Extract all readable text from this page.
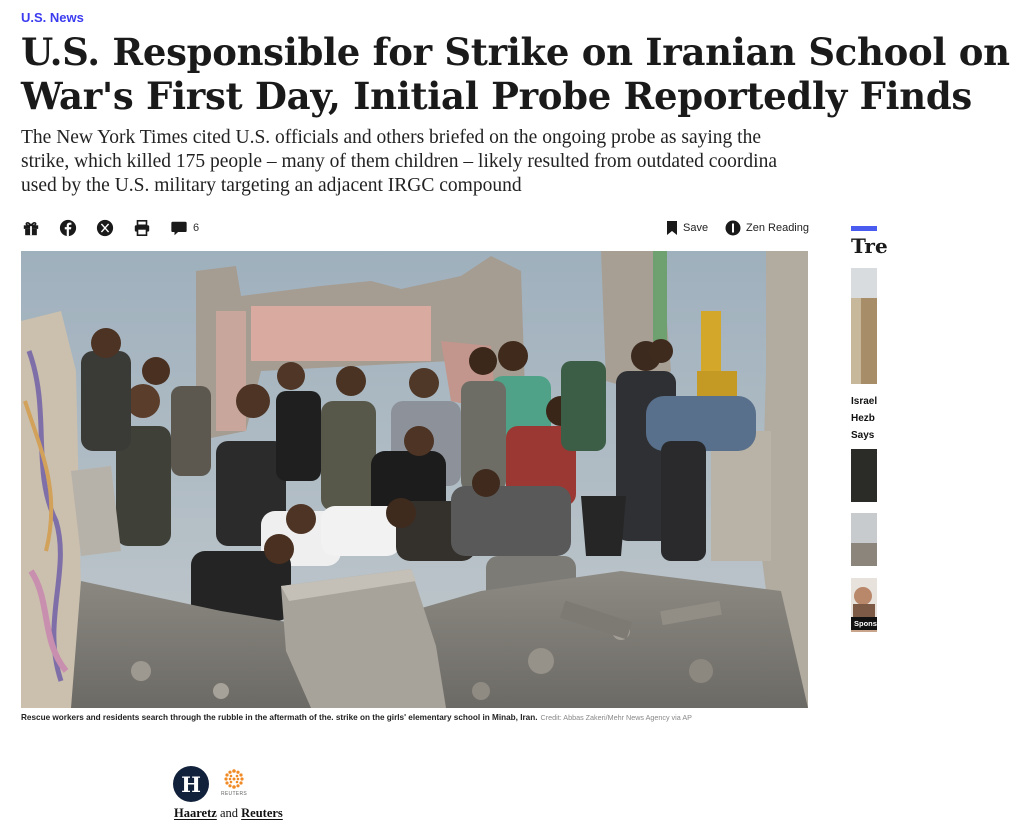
U.S. News
U.S. Responsible for Strike on Iranian School on
War's First Day, Initial Probe Reportedly Finds

The New York Times cited U.S. officials and others briefed on the ongoing probe as saying the
strike, which killed 175 people – many of them children – likely resulted from outdated coordina
used by the U.S. military targeting an adjacent IRGC compound

6	Save	Zen Reading
Rescue workers and residents search through the rubble in the aftermath of the. strike on the girls' elementary school in Minab, Iran. Credit: Abbas Zakeri/Mehr News Agency via AP
H	REUTERS
Haaretz and Reuters
Tre
Israel
Hezb
Says
Spons
